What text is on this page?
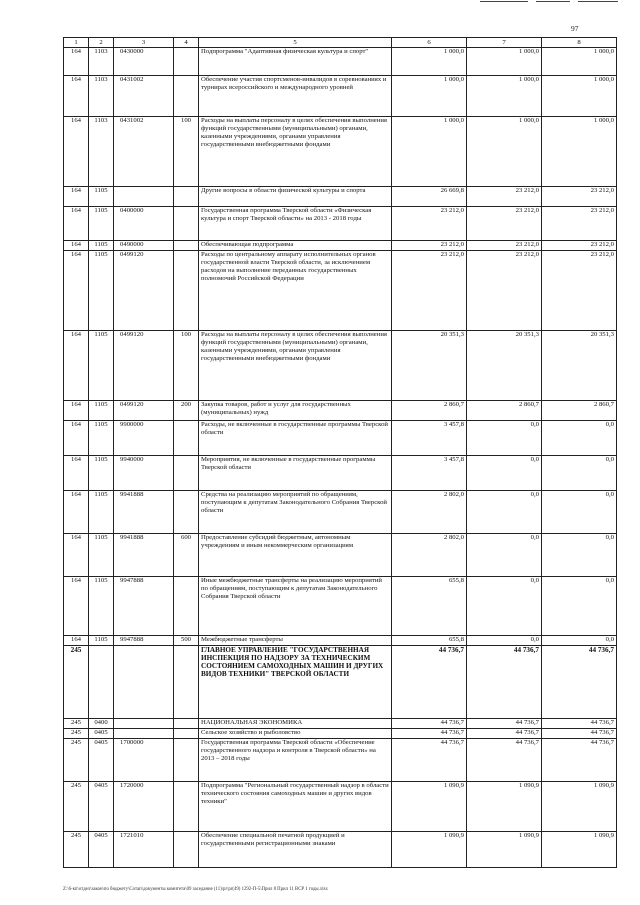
97
1	2	3	4	5	6	7	8
164	1103	0430000		Подпрограмма "Адаптивная физическая культура и спорт"	1 000,0	1 000,0	1 000,0
164	1103	0431002		Обеспечение участия спортсменов-инвалидов в соревнованиях и турнирах всероссийского и международного уровней	1 000,0	1 000,0	1 000,0
164	1103	0431002	100	Расходы на выплаты персоналу в целях обеспечения выполнения функций государственными (муниципальными) органами, казенными учреждениями, органами управления государственными внебюджетными фондами	1 000,0	1 000,0	1 000,0
164	1105			Другие вопросы в области физической культуры и спорта	26 669,8	23 212,0	23 212,0
164	1105	0400000		Государственная программа Тверской области «Физическая культура и спорт Тверской области» на 2013 - 2018 годы	23 212,0	23 212,0	23 212,0
164	1105	0490000		Обеспечивающая подпрограмма	23 212,0	23 212,0	23 212,0
164	1105	0499120		Расходы по центральному аппарату исполнительных органов государственной власти Тверской области, за исключением расходов на выполнение переданных государственных полномочий Российской Федерации	23 212,0	23 212,0	23 212,0
164	1105	0499120	100	Расходы на выплаты персоналу в целях обеспечения выполнения функций государственными (муниципальными) органами, казенными учреждениями, органами управления государственными внебюджетными фондами	20 351,3	20 351,3	20 351,3
164	1105	0499120	200	Закупка товаров, работ и услуг для государственных (муниципальных) нужд	2 860,7	2 860,7	2 860,7
164	1105	9900000		Расходы, не включенные в государственные программы Тверской области	3 457,8	0,0	0,0
164	1105	9940000		Мероприятия, не включенные в государственные программы Тверской области	3 457,8	0,0	0,0
164	1105	9941888		Средства на реализацию мероприятий по обращениям, поступающим к депутатам Законодательного Собрания Тверской области	2 802,0	0,0	0,0
164	1105	9941888	600	Предоставление субсидий бюджетным, автономным учреждениям и иным некоммерческим организациям	2 802,0	0,0	0,0
164	1105	9947888		Иные межбюджетные трансферты на реализацию мероприятий по обращениям, поступающим к депутатам Законодательного Собрания Тверской области	655,8	0,0	0,0
164	1105	9947888	500	Межбюджетные трансферты	655,8	0,0	0,0
245				ГЛАВНОЕ УПРАВЛЕНИЕ "ГОСУДАРСТВЕННАЯ ИНСПЕКЦИЯ ПО НАДЗОРУ ЗА ТЕХНИЧЕСКИМ СОСТОЯНИЕМ САМОХОДНЫХ МАШИН И ДРУГИХ ВИДОВ ТЕХНИКИ" ТВЕРСКОЙ ОБЛАСТИ	44 736,7	44 736,7	44 736,7
245	0400			НАЦИОНАЛЬНАЯ ЭКОНОМИКА	44 736,7	44 736,7	44 736,7
245	0405			Сельское хозяйство и рыболовство	44 736,7	44 736,7	44 736,7
245	0405	1700000		Государственная программа Тверской области «Обеспечение государственного надзора и контроля в Тверской области» на 2013 – 2018 годы	44 736,7	44 736,7	44 736,7
245	0405	1720000		Подпрограмма "Региональный государственный надзор в области технического состояния самоходных машин и других видов техники"	1 090,9	1 090,9	1 090,9
245	0405	1721010		Обеспечение специальной печатной продукцией и государственными регистрационными знаками	1 090,9	1 090,9	1 090,9
Z:\6-кп\отдел\закон\по бюджету\Сотап\документы комитета\09 заседание (11)\pr\pr(49) 1292-П-5\Прил 8 Прил 11 ВСР 1 годы.xlsx
